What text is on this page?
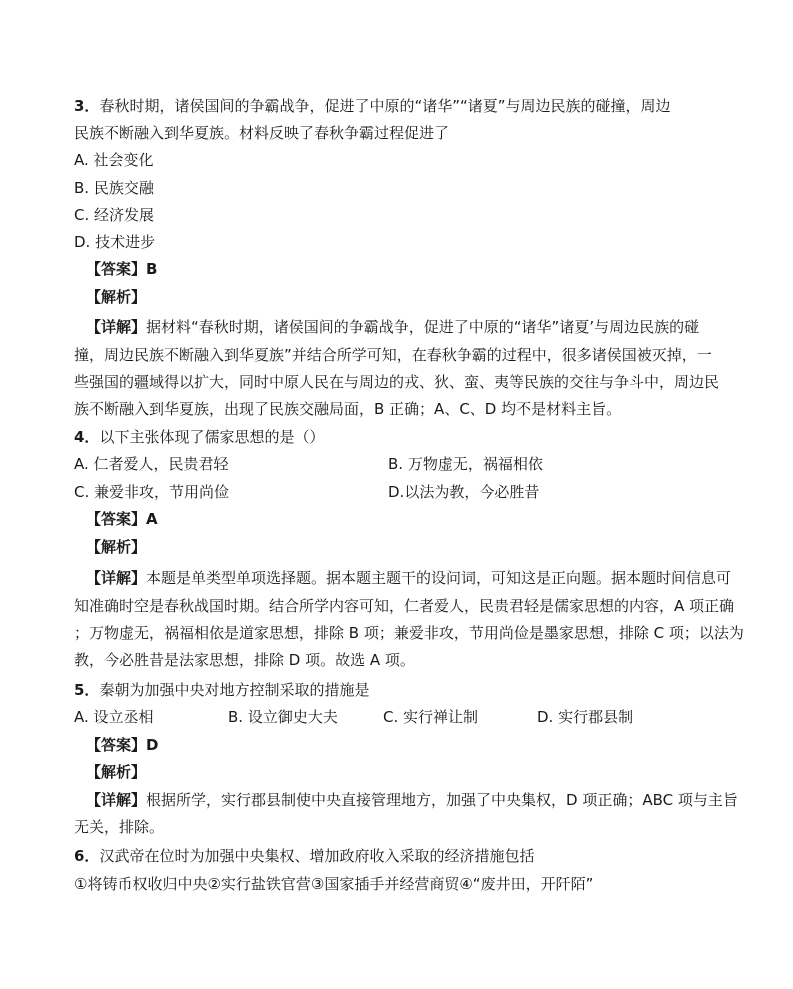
3．春秋时期，诸侯国间的争霸战争，促进了中原的“诸华”“诸夏”与周边民族的碰撞，周边
民族不断融入到华夏族。材料反映了春秋争霸过程促进了
A. 社会变化
B. 民族交融
C. 经济发展
D. 技术进步
【答案】B
【解析】
【详解】据材料“春秋时期，诸侯国间的争霸战争，促进了中原的“诸华”诸夏’与周边民族的碰
撞，周边民族不断融入到华夏族”并结合所学可知，在春秋争霸的过程中，很多诸侯国被灭掉，一
些强国的疆域得以扩大，同时中原人民在与周边的戎、狄、蛮、夷等民族的交往与争斗中，周边民
族不断融入到华夏族，出现了民族交融局面，B 正确；A、C、D 均不是材料主旨。
4．以下主张体现了儒家思想的是（）
A. 仁者爱人，民贵君轻	B. 万物虚无，祸福相依
C. 兼爱非攻，节用尚俭	D.以法为教，今必胜昔
【答案】A
【解析】
【详解】本题是单类型单项选择题。据本题主题干的设问词，可知这是正向题。据本题时间信息可
知准确时空是春秋战国时期。结合所学内容可知，仁者爱人，民贵君轻是儒家思想的内容，A 项正确
；万物虚无，祸福相依是道家思想，排除 B 项；兼爱非攻，节用尚俭是墨家思想，排除 C 项；以法为
教，今必胜昔是法家思想，排除 D 项。故选 A 项。
5．秦朝为加强中央对地方控制采取的措施是
A. 设立丞相	B. 设立御史大夫	C. 实行禅让制	D. 实行郡县制
【答案】D
【解析】
【详解】根据所学，实行郡县制使中央直接管理地方，加强了中央集权，D 项正确；ABC 项与主旨
无关，排除。
6．汉武帝在位时为加强中央集权、增加政府收入采取的经济措施包括
①将铸币权收归中央②实行盐铁官营③国家插手并经营商贸④“废井田，开阡陌”
